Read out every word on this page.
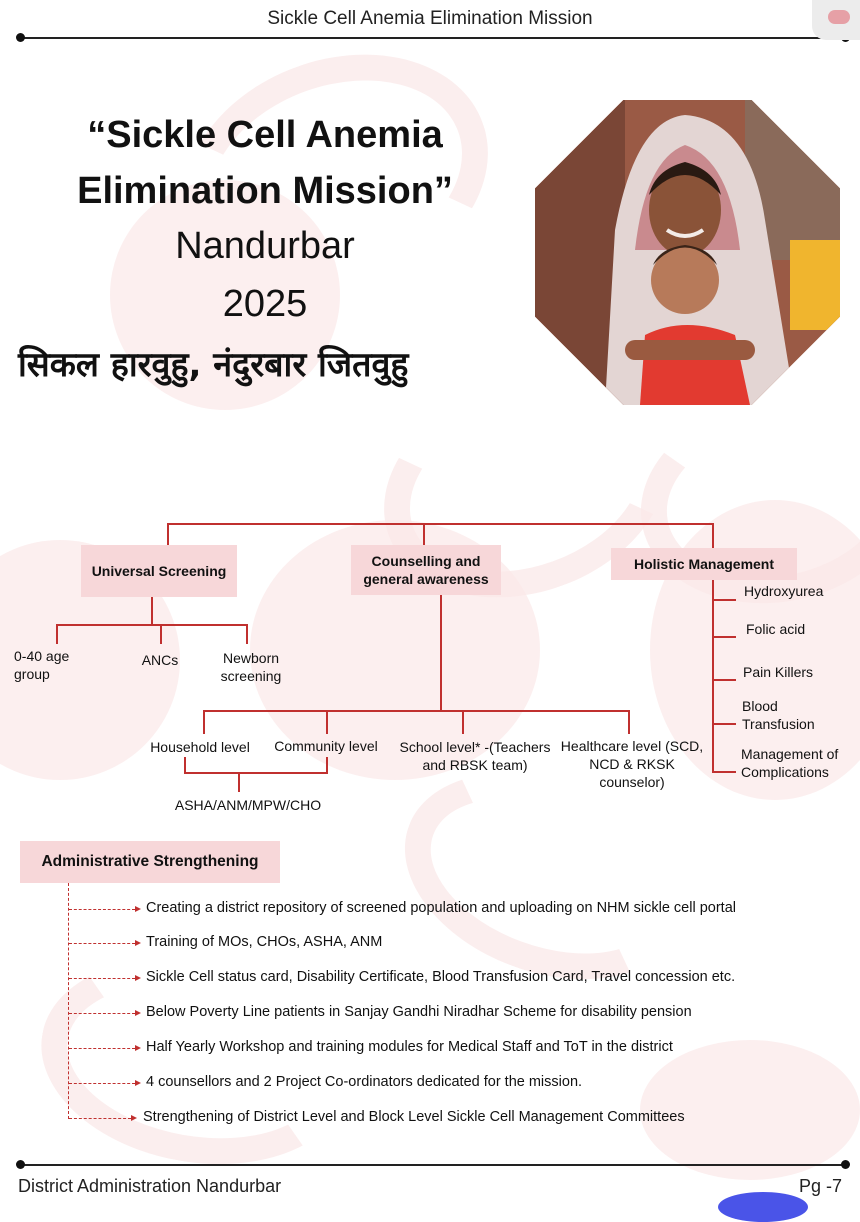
Sickle Cell Anemia Elimination Mission
“Sickle Cell Anemia
Elimination Mission”
Nandurbar
2025
सिकल हारवुहु, नंदुरबार जितवुहु
Universal Screening
0-40 age group
ANCs	Newborn screening
Counselling and general awareness
Household level	Community level	School level* -(Teachers and RBSK team)
Healthcare level (SCD, NCD & RKSK counselor)
ASHA/ANM/MPW/CHO
Holistic Management
Hydroxyurea
Folic acid
Pain Killers
Blood Transfusion
Management of Complications
Administrative Strengthening
Creating a district repository of screened population and uploading on NHM sickle cell portal
Training of MOs, CHOs, ASHA, ANM
Sickle Cell status card, Disability Certificate, Blood Transfusion Card, Travel concession etc.
Below Poverty Line patients in Sanjay Gandhi Niradhar Scheme for disability pension
Half Yearly Workshop and training modules for Medical Staff and ToT in the district
4 counsellors and 2 Project Co-ordinators dedicated for the mission.
Strengthening of District Level and Block Level Sickle Cell Management Committees
District Administration Nandurbar	Pg -7
